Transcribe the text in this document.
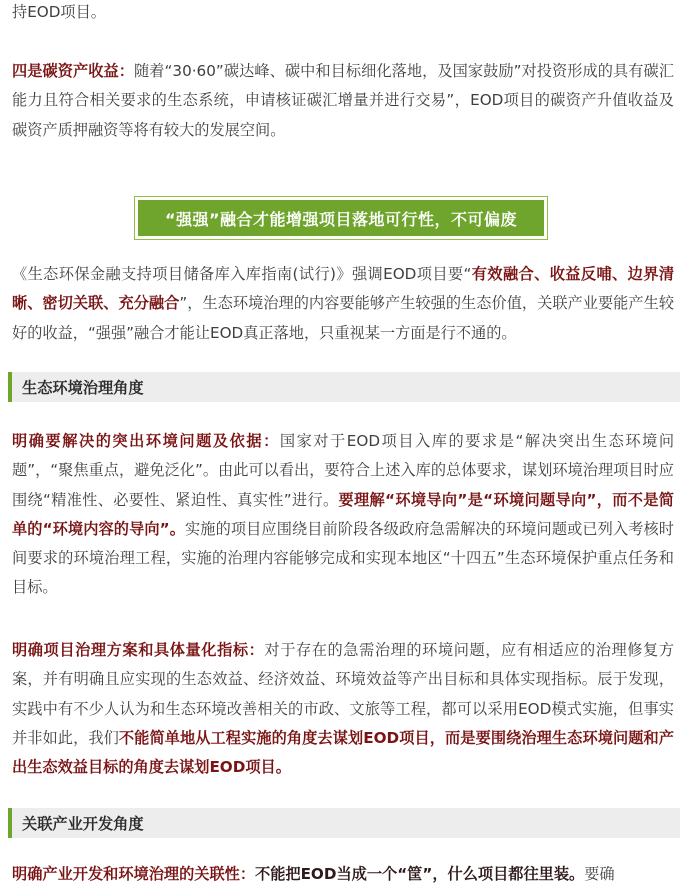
持EOD项目。
四是碳资产收益：随着“30·60”碳达峰、碳中和目标细化落地，及国家鼓励”对投资形成的具有碳汇能力且符合相关要求的生态系统，申请核证碳汇增量并进行交易”，EOD项目的碳资产升值收益及碳资产质押融资等将有较大的发展空间。
“强强”融合才能增强项目落地可行性，不可偏废
《生态环保金融支持项目储备库入库指南(试行)》强调EOD项目要“有效融合、收益反哺、边界清晰、密切关联、充分融合”，生态环境治理的内容要能够产生较强的生态价值，关联产业要能产生较好的收益，“强强”融合才能让EOD真正落地，只重视某一方面是行不通的。
生态环境治理角度
明确要解决的突出环境问题及依据：国家对于EOD项目入库的要求是“解决突出生态环境问题”，“聚焦重点，避免泛化”。由此可以看出，要符合上述入库的总体要求，谋划环境治理项目时应围绕“精准性、必要性、紧迫性、真实性”进行。要理解“环境导向”是“环境问题导向”，而不是简单的“环境内容的导向”。实施的项目应围绕目前阶段各级政府急需解决的环境问题或已列入考核时间要求的环境治理工程，实施的治理内容能够完成和实现本地区“十四五”生态环境保护重点任务和目标。
明确项目治理方案和具体量化指标：对于存在的急需治理的环境问题，应有相适应的治理修复方案，并有明确且应实现的生态效益、经济效益、环境效益等产出目标和具体实现指标。辰于发现，实践中有不少人认为和生态环境改善相关的市政、文旅等工程，都可以采用EOD模式实施，但事实并非如此，我们不能简单地从工程实施的角度去谋划EOD项目，而是要围绕治理生态环境问题和产出生态效益目标的角度去谋划EOD项目。
关联产业开发角度
明确产业开发和环境治理的关联性：不能把EOD当成一个“筐”，什么项目都往里装。要确
